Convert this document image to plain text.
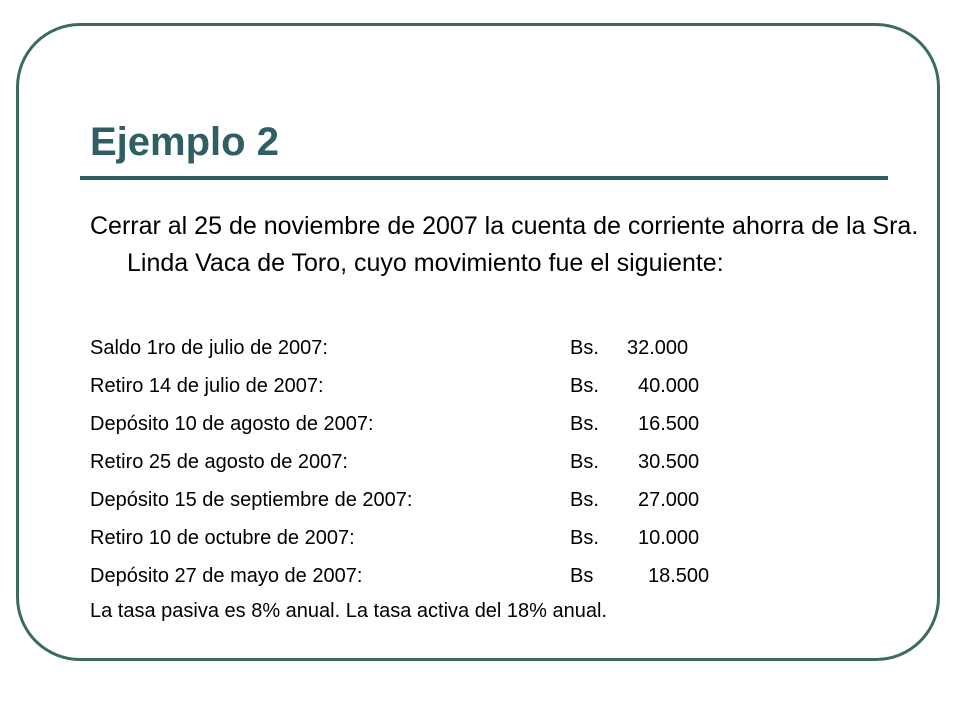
Ejemplo 2

Cerrar al 25 de noviembre de 2007 la cuenta de corriente ahorra de la Sra. Linda Vaca de Toro, cuyo movimiento fue el siguiente:

Saldo 1ro de julio de 2007:	Bs. 32.000
Retiro 14 de julio de 2007:	Bs. 40.000
Depósito 10 de agosto de 2007:	Bs. 16.500
Retiro 25 de agosto de 2007:	Bs. 30.500
Depósito 15 de septiembre de 2007:	Bs. 27.000
Retiro 10 de octubre de 2007:	Bs. 10.000
Depósito 27 de mayo de 2007:	Bs	18.500

La tasa pasiva es 8% anual. La tasa activa del 18% anual.
